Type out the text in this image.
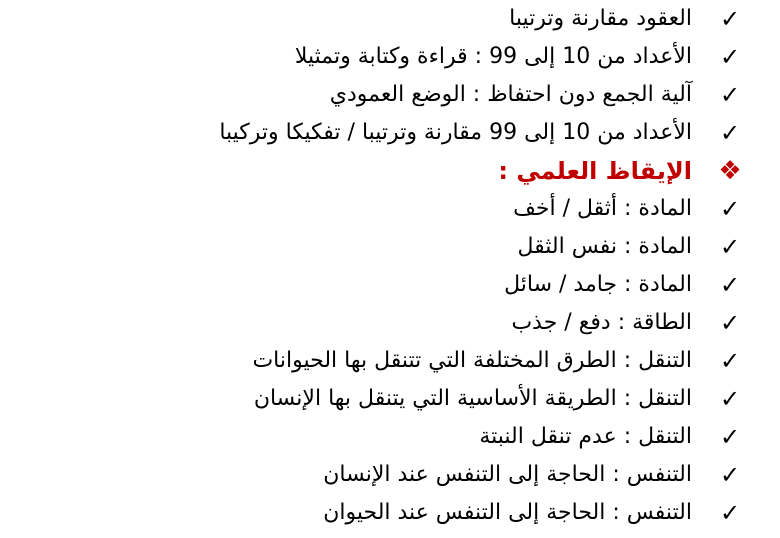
✓
العقود مقارنة وترتيبا
✓
الأعداد من 10 إلى 99 : قراءة وكتابة وتمثيلا
✓
آلية الجمع دون احتفاظ : الوضع العمودي
✓
الأعداد من 10 إلى 99 مقارنة وترتيبا / تفكيكا وتركيبا
❖
الإيقاظ العلمي :
✓
المادة : أثقل / أخف
✓
المادة : نفس الثقل
✓
المادة : جامد / سائل
✓
الطاقة : دفع / جذب
✓
التنقل : الطرق المختلفة التي تتنقل بها الحيوانات
✓
التنقل : الطريقة الأساسية التي يتنقل بها الإنسان
✓
التنقل : عدم تنقل النبتة
✓
التنفس : الحاجة إلى التنفس عند الإنسان
✓
التنفس : الحاجة إلى التنفس عند الحيوان
